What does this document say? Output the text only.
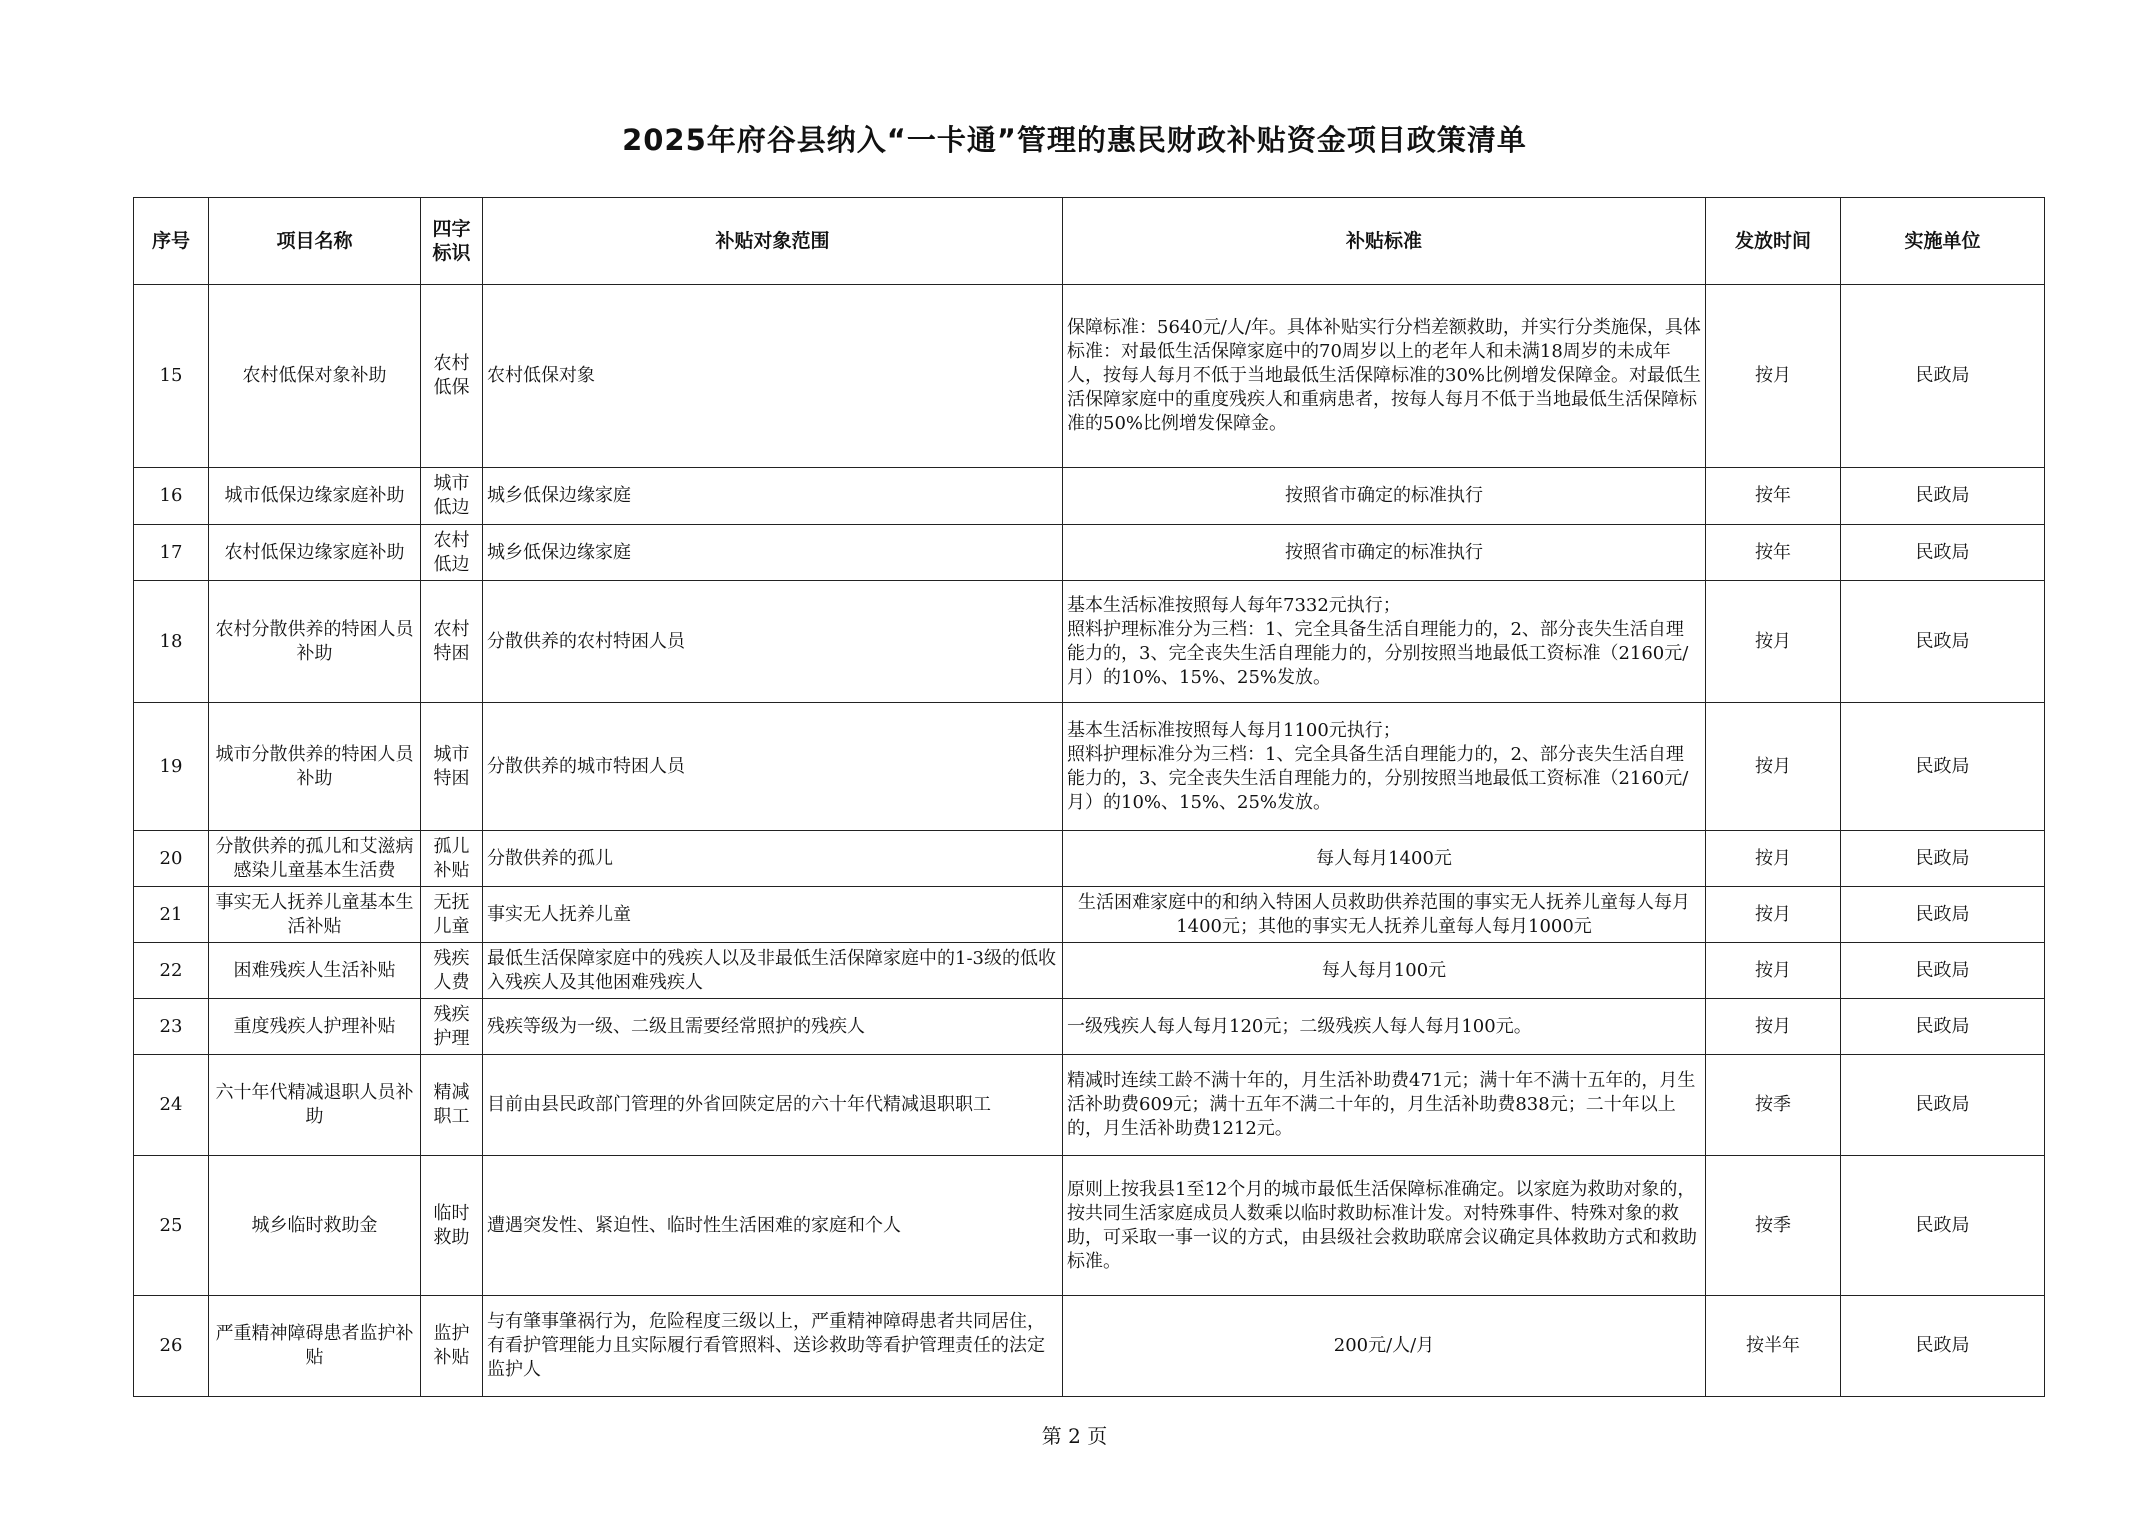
2025年府谷县纳入“一卡通”管理的惠民财政补贴资金项目政策清单
序号	项目名称	四字标识	补贴对象范围	补贴标准	发放时间	实施单位
15	农村低保对象补助	农村低保	农村低保对象	保障标准：5640元/人/年。具体补贴实行分档差额救助，并实行分类施保，具体标准：对最低生活保障家庭中的70周岁以上的老年人和未满18周岁的未成年人，按每人每月不低于当地最低生活保障标准的30%比例增发保障金。对最低生活保障家庭中的重度残疾人和重病患者，按每人每月不低于当地最低生活保障标准的50%比例增发保障金。	按月	民政局
16	城市低保边缘家庭补助	城市低边	城乡低保边缘家庭	按照省市确定的标准执行	按年	民政局
17	农村低保边缘家庭补助	农村低边	城乡低保边缘家庭	按照省市确定的标准执行	按年	民政局
18	农村分散供养的特困人员补助	农村特困	分散供养的农村特困人员	基本生活标准按照每人每年7332元执行；
照料护理标准分为三档：1、完全具备生活自理能力的，2、部分丧失生活自理能力的，3、完全丧失生活自理能力的，分别按照当地最低工资标准（2160元/月）的10%、15%、25%发放。	按月	民政局
19	城市分散供养的特困人员补助	城市特困	分散供养的城市特困人员	基本生活标准按照每人每月1100元执行；
照料护理标准分为三档：1、完全具备生活自理能力的，2、部分丧失生活自理能力的，3、完全丧失生活自理能力的，分别按照当地最低工资标准（2160元/月）的10%、15%、25%发放。	按月	民政局
20	分散供养的孤儿和艾滋病感染儿童基本生活费	孤儿补贴	分散供养的孤儿	每人每月1400元	按月	民政局
21	事实无人抚养儿童基本生活补贴	无抚儿童	事实无人抚养儿童	生活困难家庭中的和纳入特困人员救助供养范围的事实无人抚养儿童每人每月1400元；其他的事实无人抚养儿童每人每月1000元	按月	民政局
22	困难残疾人生活补贴	残疾人费	最低生活保障家庭中的残疾人以及非最低生活保障家庭中的1-3级的低收入残疾人及其他困难残疾人	每人每月100元	按月	民政局
23	重度残疾人护理补贴	残疾护理	残疾等级为一级、二级且需要经常照护的残疾人	一级残疾人每人每月120元；二级残疾人每人每月100元。	按月	民政局
24	六十年代精减退职人员补助	精减职工	目前由县民政部门管理的外省回陕定居的六十年代精减退职职工	精减时连续工龄不满十年的，月生活补助费471元；满十年不满十五年的，月生活补助费609元；满十五年不满二十年的，月生活补助费838元；二十年以上的，月生活补助费1212元。	按季	民政局
25	城乡临时救助金	临时救助	遭遇突发性、紧迫性、临时性生活困难的家庭和个人	原则上按我县1至12个月的城市最低生活保障标准确定。以家庭为救助对象的，按共同生活家庭成员人数乘以临时救助标准计发。对特殊事件、特殊对象的救助，可采取一事一议的方式，由县级社会救助联席会议确定具体救助方式和救助标准。	按季	民政局
26	严重精神障碍患者监护补贴	监护补贴	与有肇事肇祸行为，危险程度三级以上，严重精神障碍患者共同居住，有看护管理能力且实际履行看管照料、送诊救助等看护管理责任的法定监护人	200元/人/月	按半年	民政局
第 2 页
